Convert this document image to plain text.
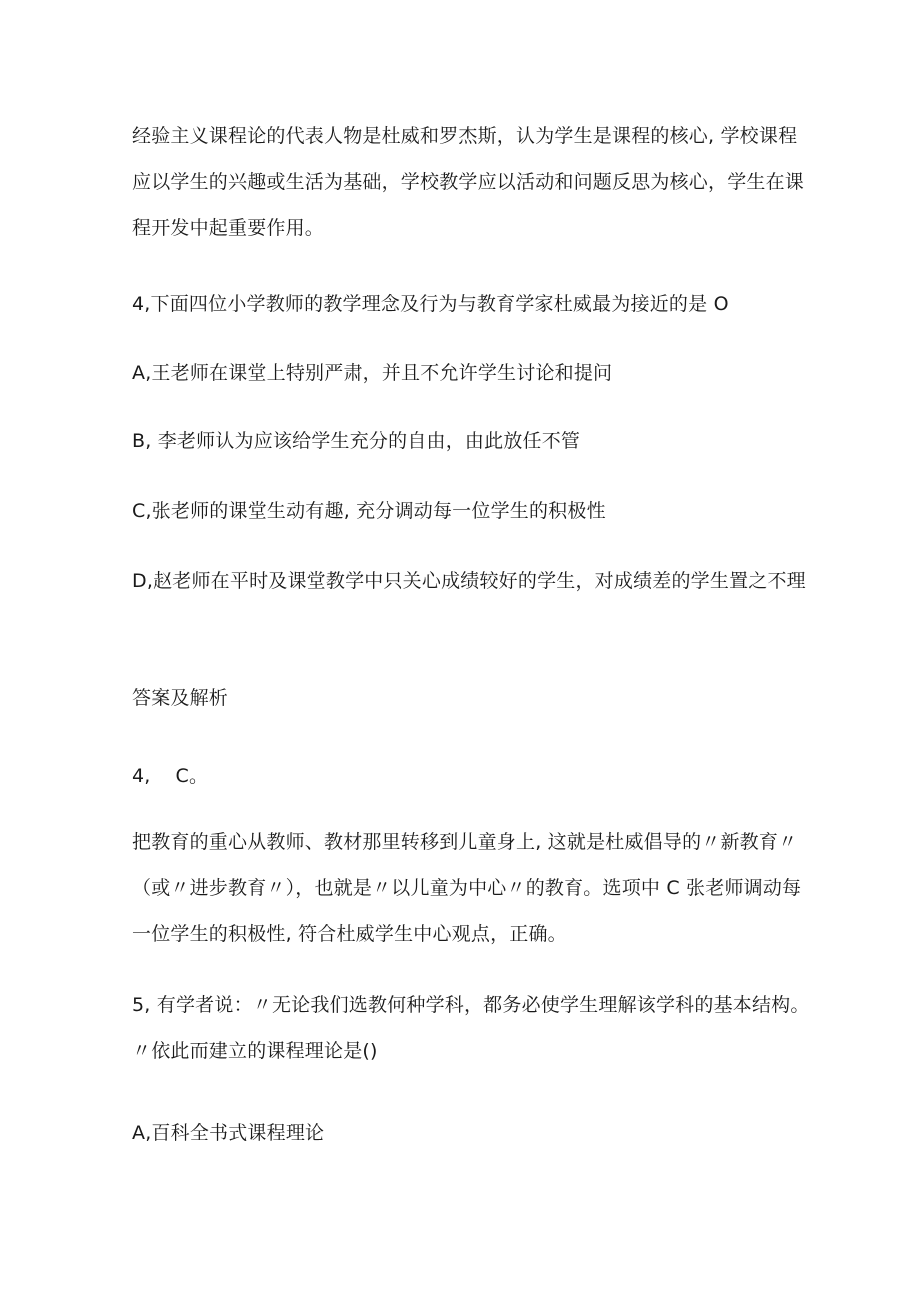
经验主义课程论的代表人物是杜威和罗杰斯，认为学生是课程的核心, 学校课程应以学生的兴趣或生活为基础，学校教学应以活动和问题反思为核心，学生在课程开发中起重要作用。

4,下面四位小学教师的教学理念及行为与教育学家杜威最为接近的是 O

A,王老师在课堂上特别严肃，并且不允许学生讨论和提问

B, 李老师认为应该给学生充分的自由，由此放任不管

C,张老师的课堂生动有趣, 充分调动每一位学生的积极性

D,赵老师在平时及课堂教学中只关心成绩较好的学生，对成绩差的学生置之不理

答案及解析

4,    C。

把教育的重心从教师、教材那里转移到儿童身上, 这就是杜威倡导的〃新教育〃（或〃进步教育〃），也就是〃以儿童为中心〃的教育。选项中 C 张老师调动每一位学生的积极性, 符合杜威学生中心观点，正确。

5, 有学者说：〃无论我们选教何种学科，都务必使学生理解该学科的基本结构。〃依此而建立的课程理论是()

A,百科全书式课程理论
